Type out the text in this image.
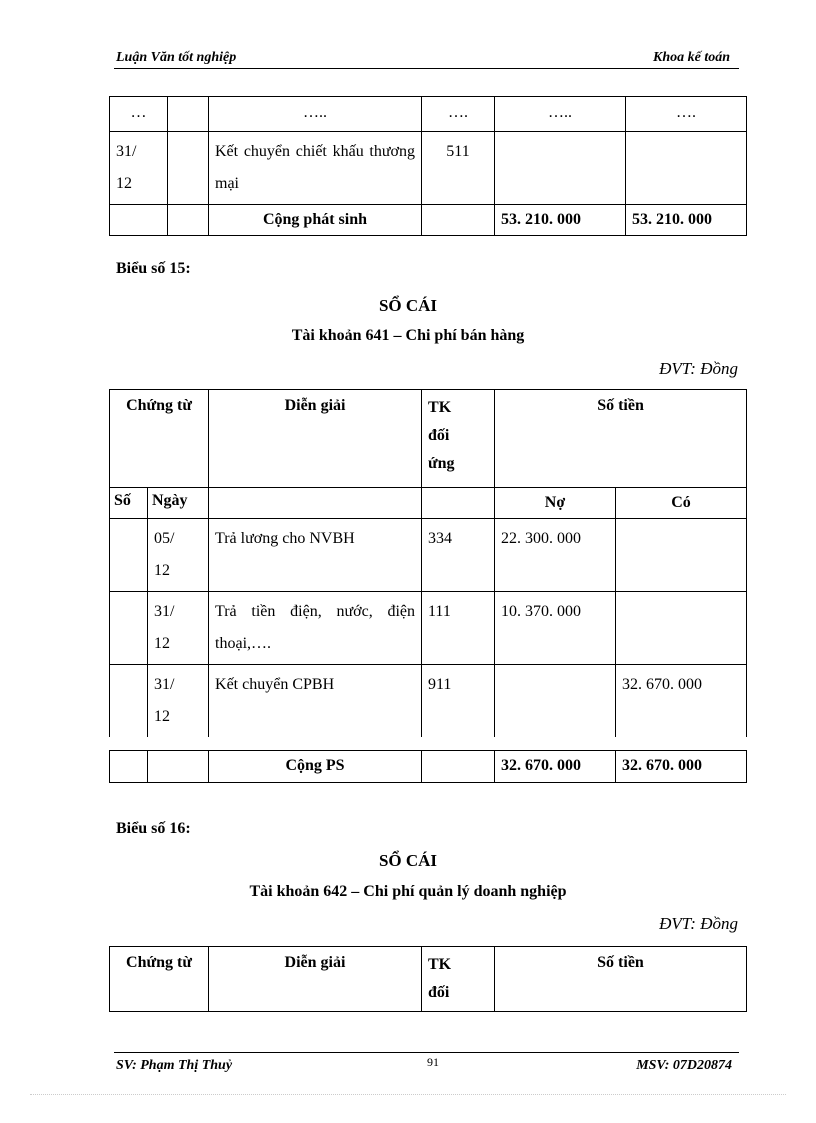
Luận Văn tốt nghiệp	Khoa kế toán
…		…..	….	…..	….
31/ 12		Kết chuyển chiết khấu thương mại	511		
		Cộng phát sinh		53. 210. 000	53. 210. 000
Biểu số 15:
SỔ CÁI
Tài khoản 641 – Chi phí bán hàng
ĐVT: Đồng
Chứng từ		Diễn giải	TK đối ứng	Số tiền	
Số	Ngày			Nợ	Có
	05/ 12	Trả lương cho NVBH	334	22. 300. 000	
	31/ 12	Trả tiền điện, nước, điện thoại,….	111	10. 370. 000	
	31/ 12	Kết chuyển CPBH	911		32. 670. 000
		Cộng PS		32. 670. 000	32. 670. 000
Biểu số 16:
SỔ CÁI
Tài khoản 642 – Chi phí quản lý doanh nghiệp
ĐVT: Đồng
Chứng từ	Diễn giải	TK đối	Số tiền
SV: Phạm Thị Thuỷ	91	MSV: 07D20874
